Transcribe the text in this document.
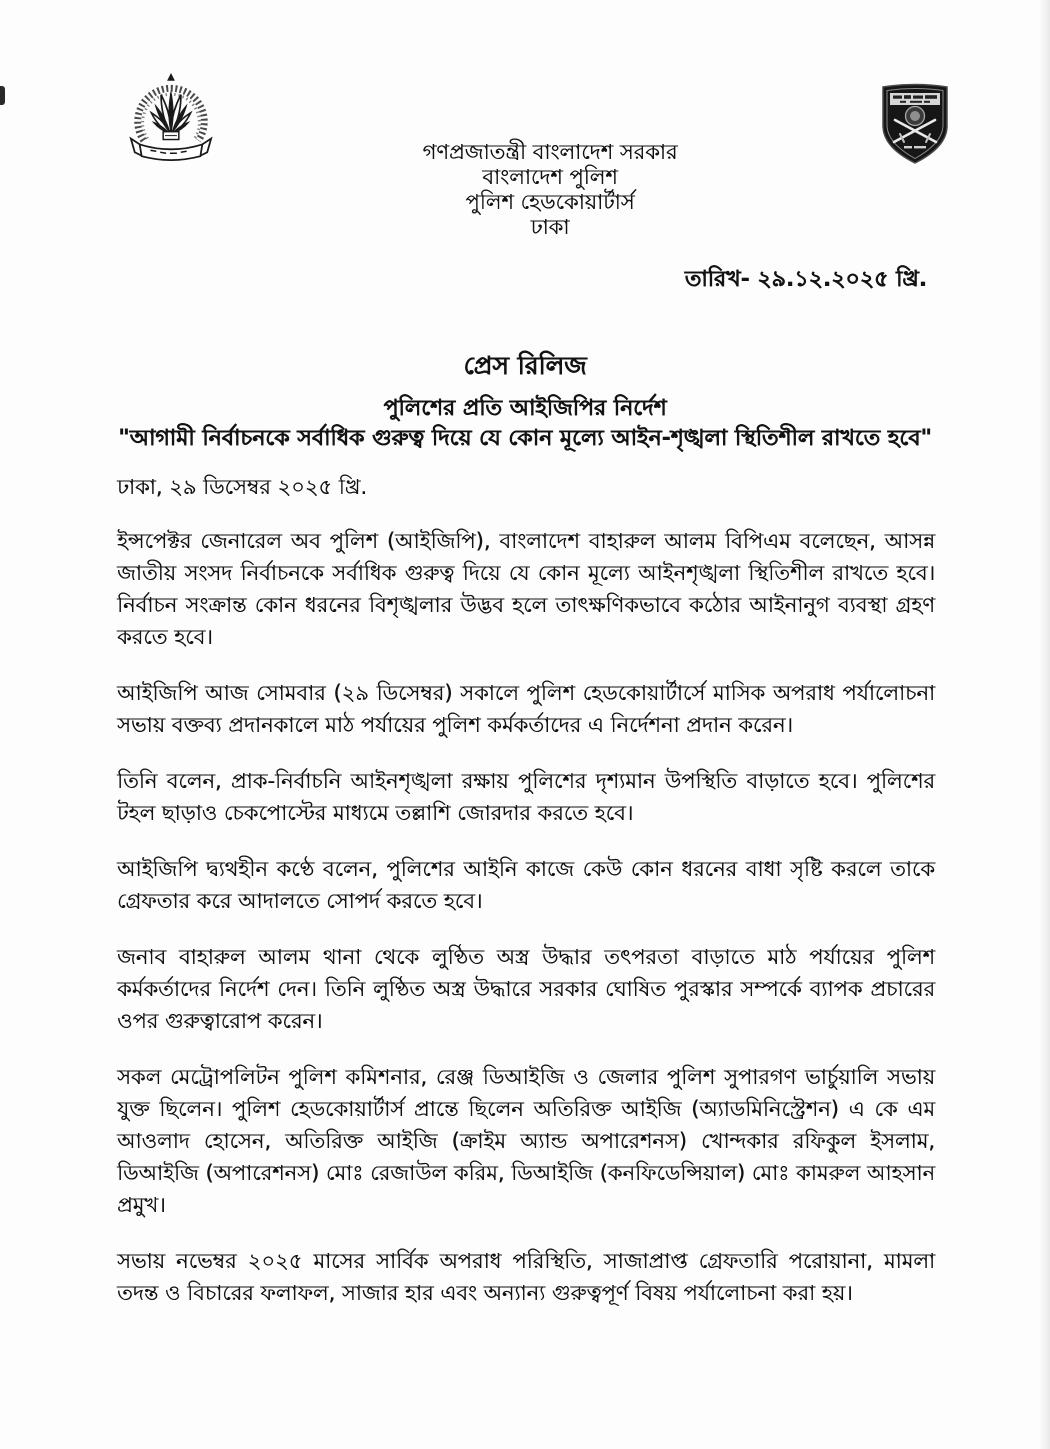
গণপ্রজাতন্ত্রী বাংলাদেশ সরকার
বাংলাদেশ পুলিশ
পুলিশ হেডকোয়ার্টার্স
ঢাকা
তারিখ- ২৯.১২.২০২৫ খ্রি.
প্রেস রিলিজ
পুলিশের প্রতি আইজিপির নির্দেশ
"আগামী নির্বাচনকে সর্বাধিক গুরুত্ব দিয়ে যে কোন মূল্যে আইন-শৃঙ্খলা স্থিতিশীল রাখতে হবে"

ঢাকা, ২৯ ডিসেম্বর ২০২৫ খ্রি.

ইন্সপেক্টর জেনারেল অব পুলিশ (আইজিপি), বাংলাদেশ বাহারুল আলম বিপিএম বলেছেন, আসন্ন জাতীয় সংসদ নির্বাচনকে সর্বাধিক গুরুত্ব দিয়ে যে কোন মূল্যে আইনশৃঙ্খলা স্থিতিশীল রাখতে হবে। নির্বাচন সংক্রান্ত কোন ধরনের বিশৃঙ্খলার উদ্ভব হলে তাৎক্ষণিকভাবে কঠোর আইনানুগ ব্যবস্থা গ্রহণ করতে হবে।

আইজিপি আজ সোমবার (২৯ ডিসেম্বর) সকালে পুলিশ হেডকোয়ার্টার্সে মাসিক অপরাধ পর্যালোচনা সভায় বক্তব্য প্রদানকালে মাঠ পর্যায়ের পুলিশ কর্মকর্তাদের এ নির্দেশনা প্রদান করেন।

তিনি বলেন, প্রাক-নির্বাচনি আইনশৃঙ্খলা রক্ষায় পুলিশের দৃশ্যমান উপস্থিতি বাড়াতে হবে। পুলিশের টহল ছাড়াও চেকপোস্টের মাধ্যমে তল্লাশি জোরদার করতে হবে।

আইজিপি দ্ব্যথহীন কণ্ঠে বলেন, পুলিশের আইনি কাজে কেউ কোন ধরনের বাধা সৃষ্টি করলে তাকে গ্রেফতার করে আদালতে সোপর্দ করতে হবে।

জনাব বাহারুল আলম থানা থেকে লুণ্ঠিত অস্ত্র উদ্ধার তৎপরতা বাড়াতে মাঠ পর্যায়ের পুলিশ কর্মকর্তাদের নির্দেশ দেন। তিনি লুণ্ঠিত অস্ত্র উদ্ধারে সরকার ঘোষিত পুরস্কার সম্পর্কে ব্যাপক প্রচারের ওপর গুরুত্বারোপ করেন।

সকল মেট্রোপলিটন পুলিশ কমিশনার, রেঞ্জ ডিআইজি ও জেলার পুলিশ সুপারগণ ভার্চুয়ালি সভায় যুক্ত ছিলেন। পুলিশ হেডকোয়ার্টার্স প্রান্তে ছিলেন অতিরিক্ত আইজি (অ্যাডমিনিস্ট্রেশন) এ কে এম আওলাদ হোসেন, অতিরিক্ত আইজি (ক্রাইম অ্যান্ড অপারেশনস) খোন্দকার রফিকুল ইসলাম, ডিআইজি (অপারেশনস) মোঃ রেজাউল করিম, ডিআইজি (কনফিডেন্সিয়াল) মোঃ কামরুল আহসান প্রমুখ।

সভায় নভেম্বর ২০২৫ মাসের সার্বিক অপরাধ পরিস্থিতি, সাজাপ্রাপ্ত গ্রেফতারি পরোয়ানা, মামলা তদন্ত ও বিচারের ফলাফল, সাজার হার এবং অন্যান্য গুরুত্বপূর্ণ বিষয় পর্যালোচনা করা হয়।
